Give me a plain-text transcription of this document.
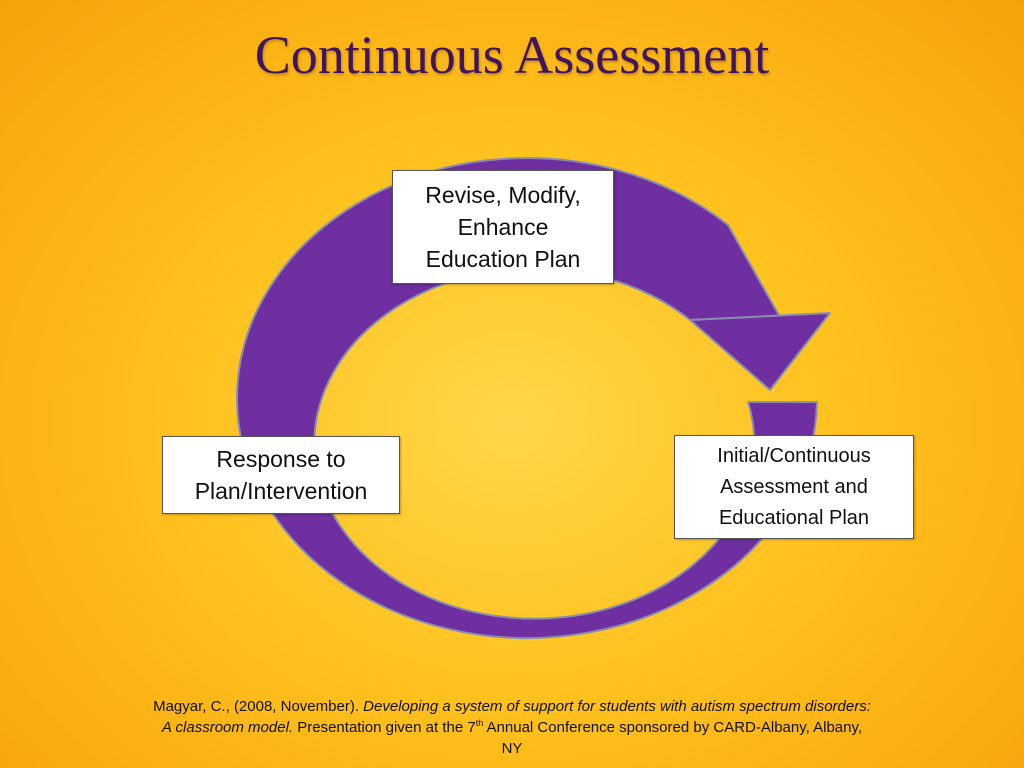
Continuous Assessment
Revise, Modify,
Enhance
Education Plan
Initial/Continuous
Assessment and
Educational Plan
Response to
Plan/Intervention
Magyar, C., (2008, November). Developing a system of support for students with autism spectrum disorders: A classroom model. Presentation given at the 7th Annual Conference sponsored by CARD-Albany, Albany, NY
